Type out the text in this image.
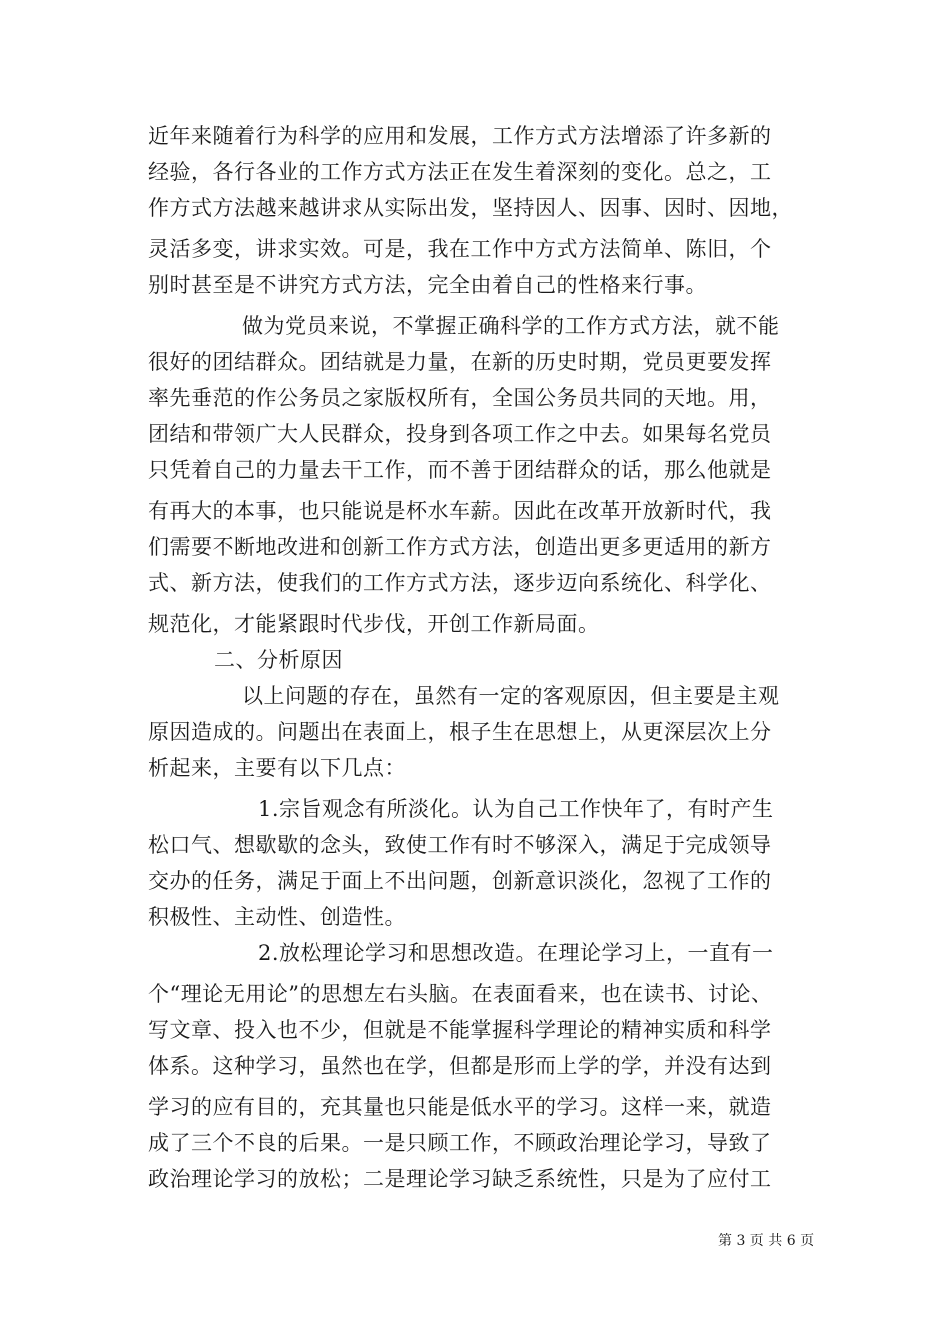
近年来随着行为科学的应用和发展，工作方式方法增添了许多新的
经验，各行各业的工作方式方法正在发生着深刻的变化。总之，工
作方式方法越来越讲求从实际出发，坚持因人、因事、因时、因地，
灵活多变，讲求实效。可是，我在工作中方式方法简单、陈旧，个
别时甚至是不讲究方式方法，完全由着自己的性格来行事。
做为党员来说，不掌握正确科学的工作方式方法，就不能
很好的团结群众。团结就是力量，在新的历史时期，党员更要发挥
率先垂范的作公务员之家版权所有，全国公务员共同的天地。用，
团结和带领广大人民群众，投身到各项工作之中去。如果每名党员
只凭着自己的力量去干工作，而不善于团结群众的话，那么他就是
有再大的本事，也只能说是杯水车薪。因此在改革开放新时代，我
们需要不断地改进和创新工作方式方法，创造出更多更适用的新方
式、新方法，使我们的工作方式方法，逐步迈向系统化、科学化、
规范化，才能紧跟时代步伐，开创工作新局面。
二、分析原因
以上问题的存在，虽然有一定的客观原因，但主要是主观
原因造成的。问题出在表面上，根子生在思想上，从更深层次上分
析起来，主要有以下几点：
1.宗旨观念有所淡化。认为自己工作快年了，有时产生
松口气、想歇歇的念头，致使工作有时不够深入，满足于完成领导
交办的任务，满足于面上不出问题，创新意识淡化，忽视了工作的
积极性、主动性、创造性。
2.放松理论学习和思想改造。在理论学习上，一直有一
个“理论无用论”的思想左右头脑。在表面看来，也在读书、讨论、
写文章、投入也不少，但就是不能掌握科学理论的精神实质和科学
体系。这种学习，虽然也在学，但都是形而上学的学，并没有达到
学习的应有目的，充其量也只能是低水平的学习。这样一来，就造
成了三个不良的后果。一是只顾工作，不顾政治理论学习，导致了
政治理论学习的放松；二是理论学习缺乏系统性，只是为了应付工
第 3 页 共 6 页
